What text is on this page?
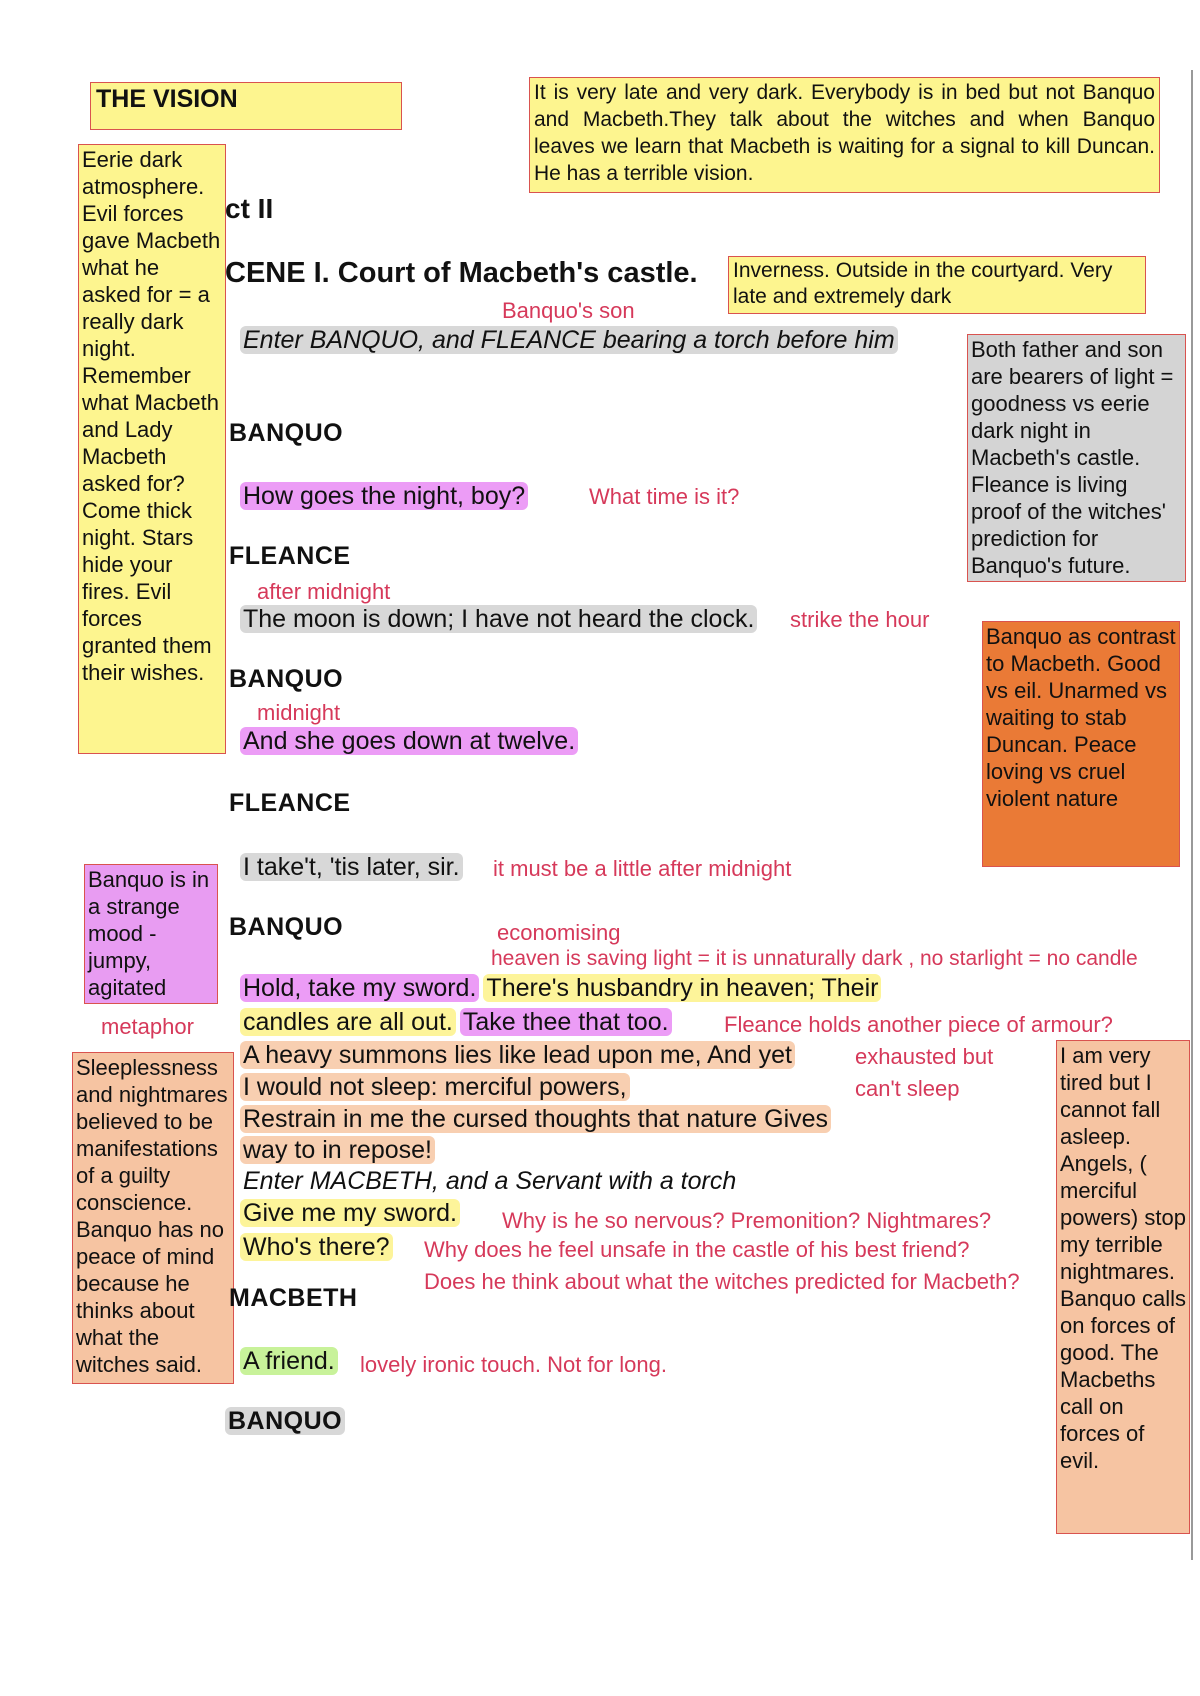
THE VISION	It is very late and very dark. Everybody is in bed but not Banquo and Macbeth.They talk about the witches and when Banquo leaves we learn that Macbeth is waiting for a signal to kill Duncan. He has a terrible vision.
Eerie dark atmosphere. Evil forces gave Macbeth what he asked for = a really dark night. Remember what Macbeth and Lady Macbeth asked for? Come thick night. Stars hide your fires. Evil forces granted them their wishes.
ct II
CENE I. Court of Macbeth's castle. Inverness. Outside in the courtyard. Very late and extremely dark
Banquo's son
Enter BANQUO, and FLEANCE bearing a torch before him	Both father and son are bearers of light = goodness vs eerie dark night in Macbeth's castle. Fleance is living proof of the witches' prediction for Banquo's future.
BANQUO
How goes the night, boy?	What time is it?
FLEANCE
after midnight
The moon is down; I have not heard the clock. strike the hour
Banquo as contrast to Macbeth. Good vs eil. Unarmed vs waiting to stab Duncan. Peace loving vs cruel violent nature
BANQUO
midnight
And she goes down at twelve.
FLEANCE
I take't, 'tis later, sir. it must be a little after midnight
Banquo is in a strange mood - jumpy, agitated
BANQUO	economising
heaven is saving light = it is unnaturally dark , no starlight = no candle
Hold, take my sword. There's husbandry in heaven; Their
metaphor candles are all out. Take thee that too.	Fleance holds another piece of armour?
Sleeplessness and nightmares believed to be manifestations of a guilty conscience. Banquo has no peace of mind because he thinks about what the witches said.
A heavy summons lies like lead upon me, And yet	exhausted but
I would not sleep: merciful powers,	can't sleep
I am very tired but I cannot fall asleep. Angels, ( merciful powers) stop my terrible nightmares. Banquo calls on forces of good. The Macbeths call on forces of evil.
Restrain in me the cursed thoughts that nature Gives
way to in repose!
Enter MACBETH, and a Servant with a torch
Give me my sword. Why is he so nervous? Premonition? Nightmares?
Who's there? Why does he feel unsafe in the castle of his best friend?
Does he think about what the witches predicted for Macbeth?
MACBETH
A friend. lovely ironic touch. Not for long.
BANQUO
